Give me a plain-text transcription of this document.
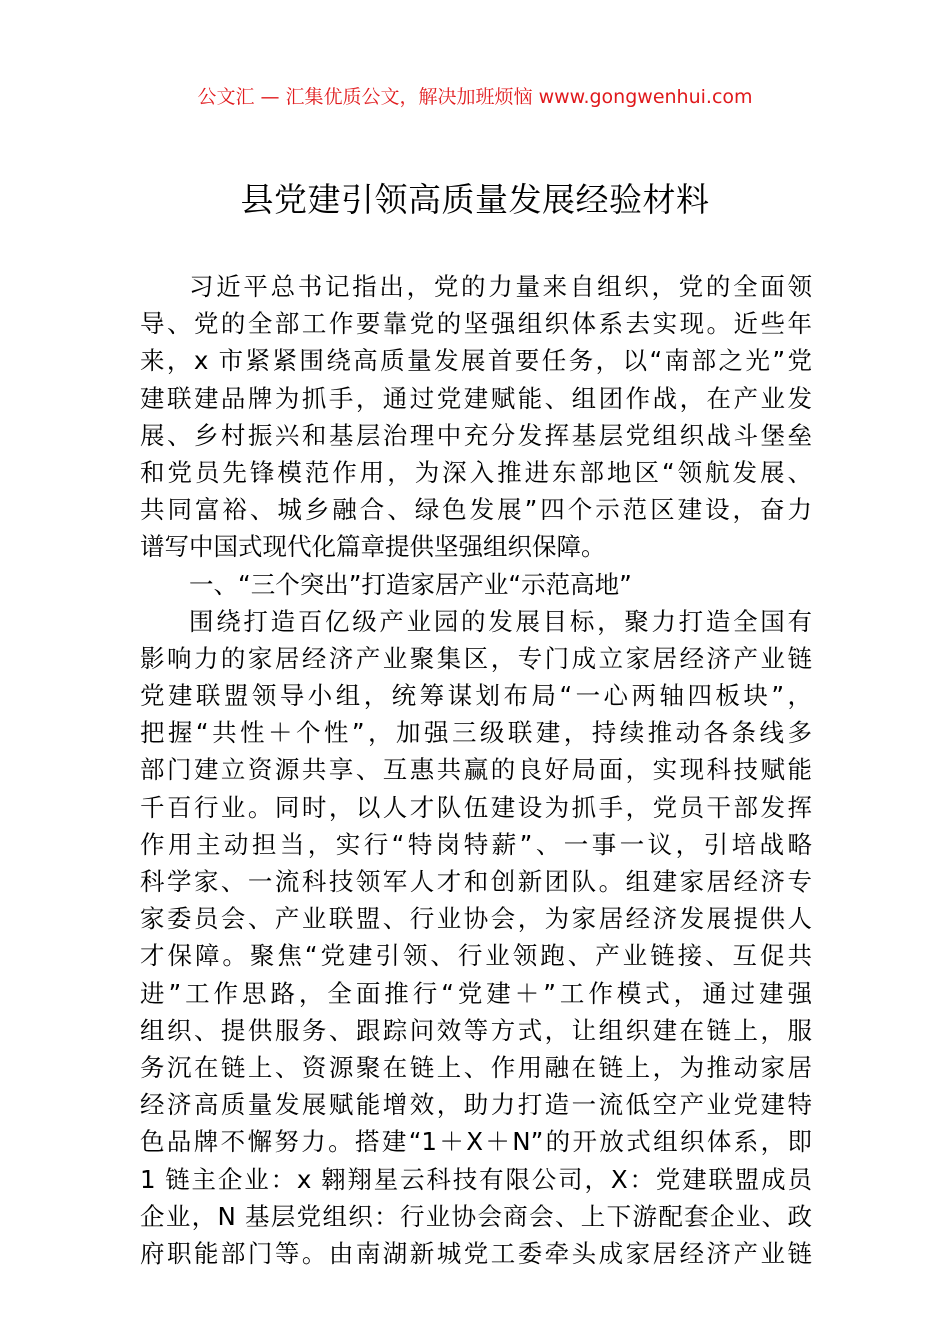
公文汇 — 汇集优质公文，解决加班烦恼 www.gongwenhui.com
县党建引领高质量发展经验材料
习近平总书记指出，党的力量来自组织，党的全面领
导、党的全部工作要靠党的坚强组织体系去实现。近些年
来，x 市紧紧围绕高质量发展首要任务，以“南部之光”党
建联建品牌为抓手，通过党建赋能、组团作战，在产业发
展、乡村振兴和基层治理中充分发挥基层党组织战斗堡垒
和党员先锋模范作用，为深入推进东部地区“领航发展、
共同富裕、城乡融合、绿色发展”四个示范区建设，奋力
谱写中国式现代化篇章提供坚强组织保障。
一、“三个突出”打造家居产业“示范高地”
围绕打造百亿级产业园的发展目标，聚力打造全国有
影响力的家居经济产业聚集区，专门成立家居经济产业链
党建联盟领导小组，统筹谋划布局“一心两轴四板块”，
把握“共性＋个性”，加强三级联建，持续推动各条线多
部门建立资源共享、互惠共赢的良好局面，实现科技赋能
千百行业。同时，以人才队伍建设为抓手，党员干部发挥
作用主动担当，实行“特岗特薪”、一事一议，引培战略
科学家、一流科技领军人才和创新团队。组建家居经济专
家委员会、产业联盟、行业协会，为家居经济发展提供人
才保障。聚焦“党建引领、行业领跑、产业链接、互促共
进”工作思路，全面推行“党建＋”工作模式，通过建强
组织、提供服务、跟踪问效等方式，让组织建在链上，服
务沉在链上、资源聚在链上、作用融在链上，为推动家居
经济高质量发展赋能增效，助力打造一流低空产业党建特
色品牌不懈努力。搭建“1＋X＋N”的开放式组织体系，即
1 链主企业：x 翱翔星云科技有限公司，X：党建联盟成员
企业，N 基层党组织：行业协会商会、上下游配套企业、政
府职能部门等。由南湖新城党工委牵头成家居经济产业链
